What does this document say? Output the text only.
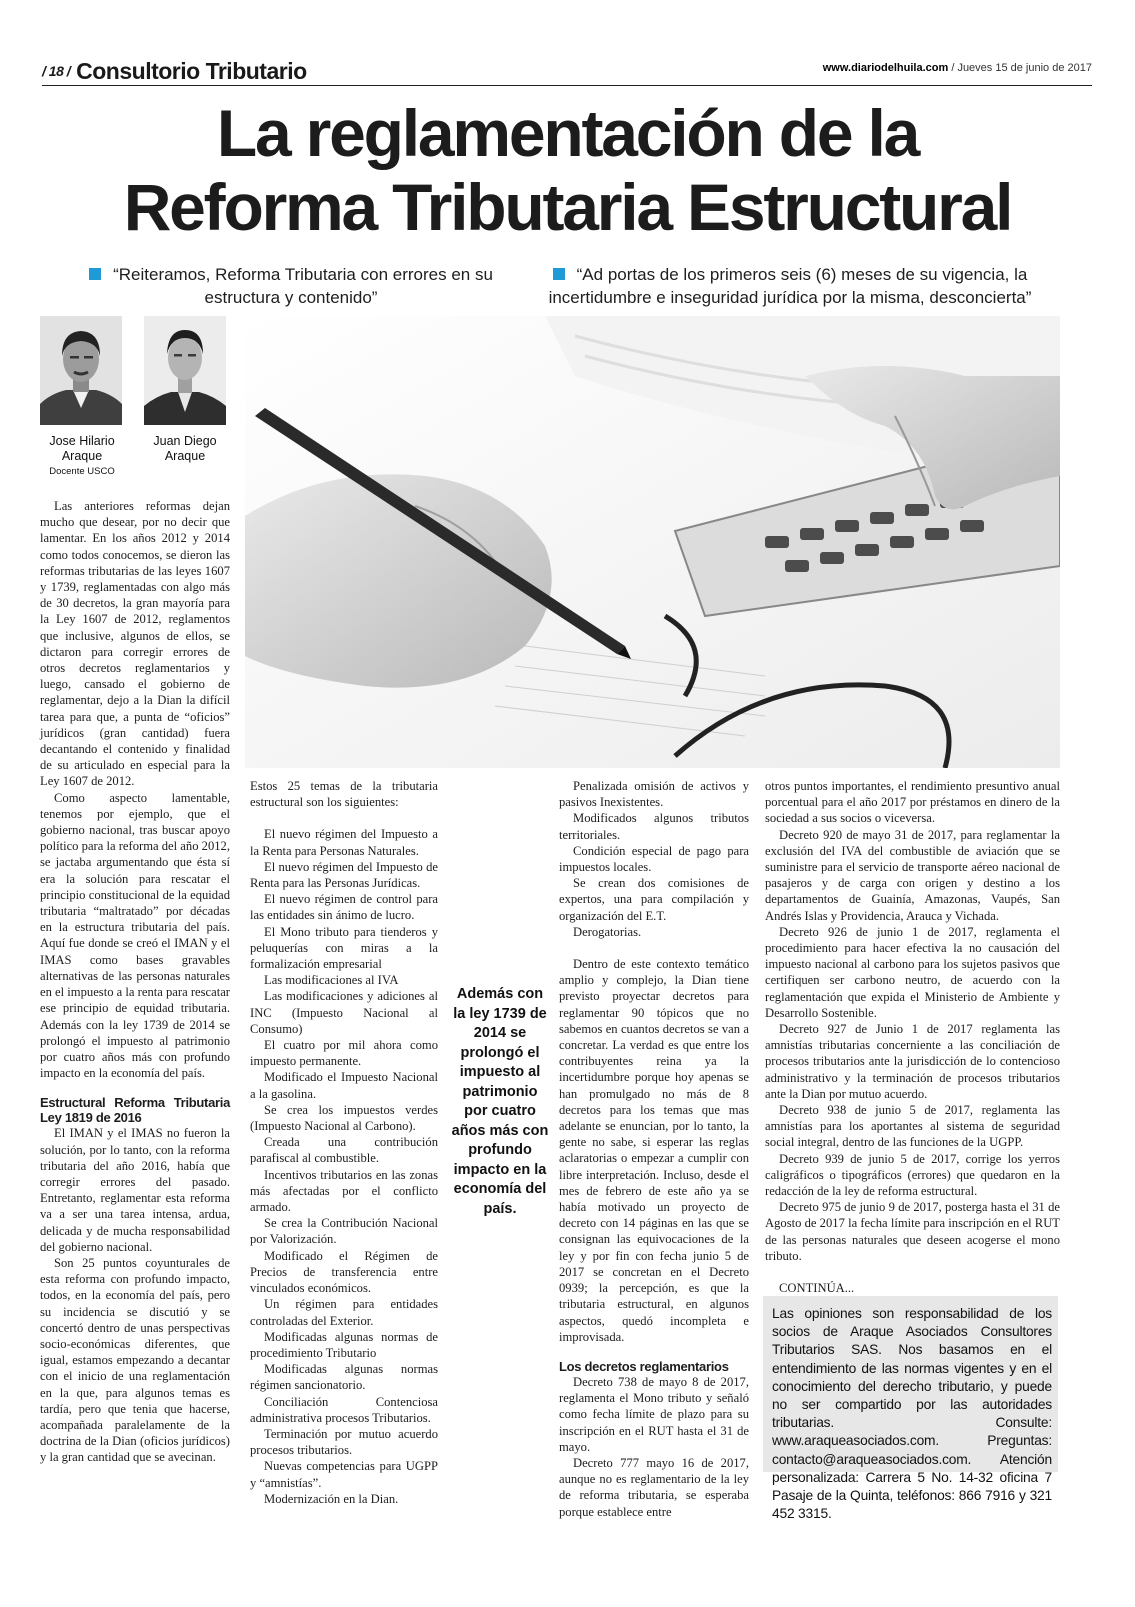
/ 18 / Consultorio Tributario	www.diariodelhuila.com / Jueves 15 de junio de 2017
La reglamentación de la
Reforma Tributaria Estructural
“Reiteramos, Reforma Tributaria con errores en su estructura y contenido”
“Ad portas de los primeros seis (6) meses de su vigencia, la incertidumbre e inseguridad jurídica por la misma, desconcierta”
Jose Hilario Araque
Docente USCO
Juan Diego Araque

Las anteriores reformas dejan mucho que desear, por no decir que lamentar. En los años 2012 y 2014 como todos conocemos, se dieron las reformas tributarias de las leyes 1607 y 1739, reglamentadas con algo más de 30 decretos, la gran mayoría para la Ley 1607 de 2012, reglamentos que inclusive, algunos de ellos, se dictaron para corregir errores de otros decretos reglamentarios y luego, cansado el gobierno de reglamentar, dejo a la Dian la difícil tarea para que, a punta de “oficios” jurídicos (gran cantidad) fuera decantando el contenido y finalidad de su articulado en especial para la Ley 1607 de 2012.

Como aspecto lamentable, tenemos por ejemplo, que el gobierno nacional, tras buscar apoyo político para la reforma del año 2012, se jactaba argumentando que ésta sí era la solución para rescatar el principio constitucional de la equidad tributaria “maltratado” por décadas en la estructura tributaria del país. Aquí fue donde se creó el IMAN y el IMAS como bases gravables alternativas de las personas naturales en el impuesto a la renta para rescatar ese principio de equidad tributaria. Además con la ley 1739 de 2014 se prolongó el impuesto al patrimonio por cuatro años más con profundo impacto en la economía del país.

Estructural Reforma Tributaria Ley 1819 de 2016

El IMAN y el IMAS no fueron la solución, por lo tanto, con la reforma tributaria del año 2016, había que corregir errores del pasado. Entretanto, reglamentar esta reforma va a ser una tarea intensa, ardua, delicada y de mucha responsabilidad del gobierno nacional.

Son 25 puntos coyunturales de esta reforma con profundo impacto, todos, en la economía del país, pero su incidencia se discutió y se concertó dentro de unas perspectivas socio-económicas diferentes, que igual, estamos empezando a decantar con el inicio de una reglamentación en la que, para algunos temas es tardía, pero que tenia que hacerse, acompañada paralelamente de la doctrina de la Dian (oficios jurídicos) y la gran cantidad que se avecinan.

Estos 25 temas de la tributaria estructural son los siguientes:

El nuevo régimen del Impuesto a la Renta para Personas Naturales.

El nuevo régimen del Impuesto de Renta para las Personas Jurídicas.

El nuevo régimen de control para las entidades sin ánimo de lucro.

El Mono tributo para tienderos y peluquerías con miras a la formalización empresarial

Las modificaciones al IVA

Las modificaciones y adiciones al INC (Impuesto Nacional al Consumo)

El cuatro por mil ahora como impuesto permanente.

Modificado el Impuesto Nacional a la gasolina.

Se crea los impuestos verdes (Impuesto Nacional al Carbono).

Creada una contribución parafiscal al combustible.

Incentivos tributarios en las zonas más afectadas por el conflicto armado.

Se crea la Contribución Nacional por Valorización.

Modificado el Régimen de Precios de transferencia entre vinculados económicos.

Un régimen para entidades controladas del Exterior.

Modificadas algunas normas de procedimiento Tributario

Modificadas algunas normas régimen sancionatorio.

Conciliación Contenciosa administrativa procesos Tributarios.

Terminación por mutuo acuerdo procesos tributarios.

Nuevas competencias para UGPP y “amnistías”.

Modernización en la Dian.

Además con la ley 1739 de 2014 se prolongó el impuesto al patrimonio por cuatro años más con profundo impacto en la economía del país.

Penalizada omisión de activos y pasivos Inexistentes.

Modificados algunos tributos territoriales.

Condición especial de pago para impuestos locales.

Se crean dos comisiones de expertos, una para compilación y organización del E.T.

Derogatorias.

Dentro de este contexto temático amplio y complejo, la Dian tiene previsto proyectar decretos para reglamentar 90 tópicos que no sabemos en cuantos decretos se van a concretar. La verdad es que entre los contribuyentes reina ya la incertidumbre porque hoy apenas se han promulgado no más de 8 decretos para los temas que mas adelante se enuncian, por lo tanto, la gente no sabe, si esperar las reglas aclaratorias o empezar a cumplir con libre interpretación. Incluso, desde el mes de febrero de este año ya se había motivado un proyecto de decreto con 14 páginas en las que se consignan las equivocaciones de la ley y por fin con fecha junio 5 de 2017 se concretan en el Decreto 0939; la percepción, es que la tributaria estructural, en algunos aspectos, quedó incompleta e improvisada.

Los decretos reglamentarios

Decreto 738 de mayo 8 de 2017, reglamenta el Mono tributo y señaló como fecha límite de plazo para su inscripción en el RUT hasta el 31 de mayo.

Decreto 777 mayo 16 de 2017, aunque no es reglamentario de la ley de reforma tributaria, se esperaba porque establece entre

otros puntos importantes, el rendimiento presuntivo anual porcentual para el año 2017 por préstamos en dinero de la sociedad a sus socios o viceversa.

Decreto 920 de mayo 31 de 2017, para reglamentar la exclusión del IVA del combustible de aviación que se suministre para el servicio de transporte aéreo nacional de pasajeros y de carga con origen y destino a los departamentos de Guainía, Amazonas, Vaupés, San Andrés Islas y Providencia, Arauca y Vichada.

Decreto 926 de junio 1 de 2017, reglamenta el procedimiento para hacer efectiva la no causación del impuesto nacional al carbono para los sujetos pasivos que certifiquen ser carbono neutro, de acuerdo con la reglamentación que expida el Ministerio de Ambiente y Desarrollo Sostenible.

Decreto 927 de Junio 1 de 2017 reglamenta las amnistías tributarias concerniente a las conciliación de procesos tributarios ante la jurisdicción de lo contencioso administrativo y la terminación de procesos tributarios ante la Dian por mutuo acuerdo.

Decreto 938 de junio 5 de 2017, reglamenta las amnistías para los aportantes al sistema de seguridad social integral, dentro de las funciones de la UGPP.

Decreto 939 de junio 5 de 2017, corrige los yerros caligráficos o tipográficos (errores) que quedaron en la redacción de la ley de reforma estructural.

Decreto 975 de junio 9 de 2017, posterga hasta el 31 de Agosto de 2017 la fecha límite para inscripción en el RUT de las personas naturales que deseen acogerse el mono tributo.

CONTINÚA...

Las opiniones son responsabilidad de los socios de Araque Asociados Consultores Tributarios SAS. Nos basamos en el entendimiento de las normas vigentes y en el conocimiento del derecho tributario, y puede no ser compartido por las autoridades tributarias. Consulte: www.araqueasociados.com. Preguntas: contacto@araqueasociados.com. Atención personalizada: Carrera 5 No. 14-32 oficina 7 Pasaje de la Quinta, teléfonos: 866 7916 y 321 452 3315.
